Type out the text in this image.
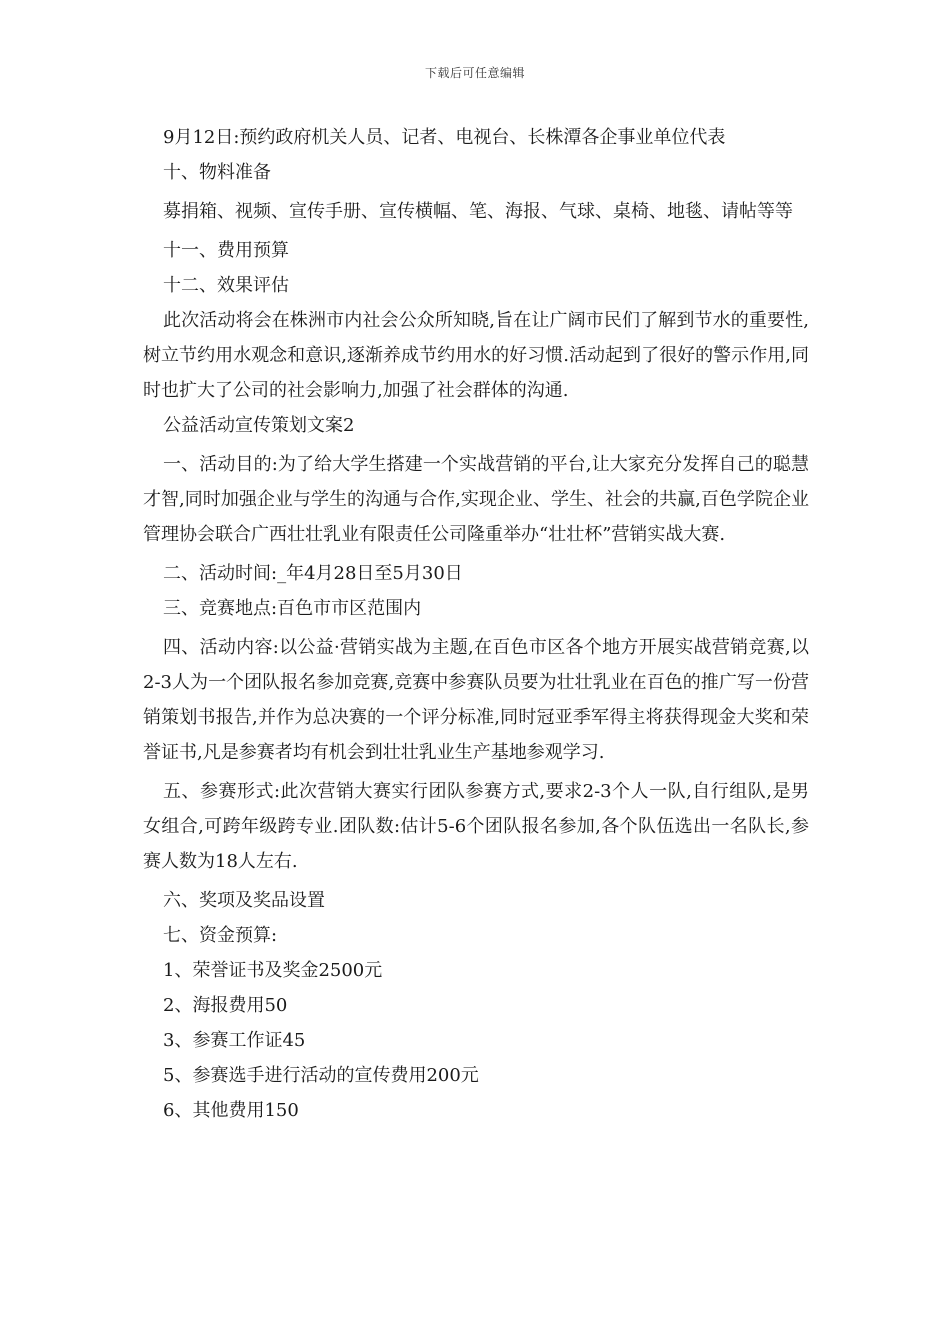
下载后可任意编辑
9月12日:预约政府机关人员、记者、电视台、长株潭各企事业单位代表
十、物料准备
募捐箱、视频、宣传手册、宣传横幅、笔、海报、气球、桌椅、地毯、请帖等等
十一、费用预算
十二、效果评估
此次活动将会在株洲市内社会公众所知晓,旨在让广阔市民们了解到节水的重要性,树立节约用水观念和意识,逐渐养成节约用水的好习惯.活动起到了很好的警示作用,同时也扩大了公司的社会影响力,加强了社会群体的沟通.
公益活动宣传策划文案2
一、活动目的:为了给大学生搭建一个实战营销的平台,让大家充分发挥自己的聪慧才智,同时加强企业与学生的沟通与合作,实现企业、学生、社会的共赢,百色学院企业管理协会联合广西壮壮乳业有限责任公司隆重举办“壮壮杯”营销实战大赛.
二、活动时间:_年4月28日至5月30日
三、竞赛地点:百色市市区范围内
四、活动内容:以公益·营销实战为主题,在百色市区各个地方开展实战营销竞赛,以2-3人为一个团队报名参加竞赛,竞赛中参赛队员要为壮壮乳业在百色的推广写一份营销策划书报告,并作为总决赛的一个评分标准,同时冠亚季军得主将获得现金大奖和荣誉证书,凡是参赛者均有机会到壮壮乳业生产基地参观学习.
五、参赛形式:此次营销大赛实行团队参赛方式,要求2-3个人一队,自行组队,是男女组合,可跨年级跨专业.团队数:估计5-6个团队报名参加,各个队伍选出一名队长,参赛人数为18人左右.
六、奖项及奖品设置
七、资金预算:
1、荣誉证书及奖金2500元
2、海报费用50
3、参赛工作证45
5、参赛选手进行活动的宣传费用200元
6、其他费用150
